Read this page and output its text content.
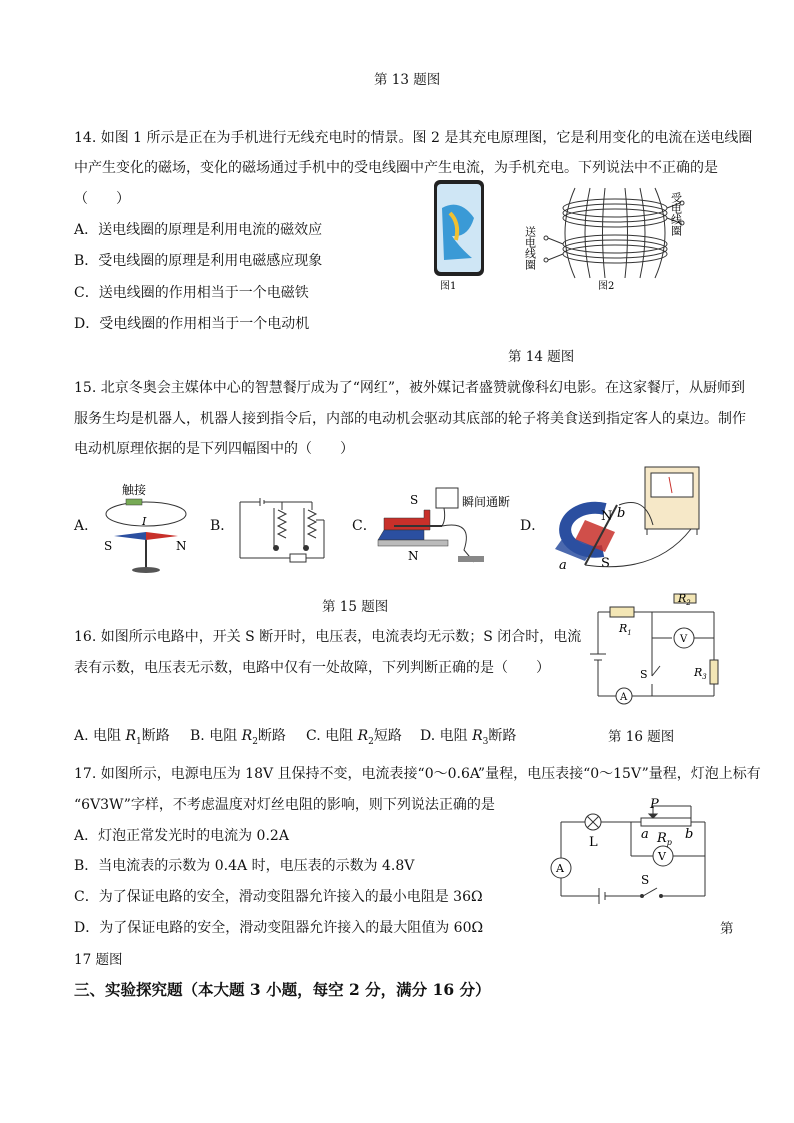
第 13 题图
14. 如图 1 所示是正在为手机进行无线充电时的情景。图 2 是其充电原理图，它是利用变化的电流在送电线圈
中产生变化的磁场，变化的磁场通过手机中的受电线圈中产生电流，为手机充电。下列说法中不正确的是
（　　）
A．送电线圈的原理是利用电流的磁效应
B．受电线圈的原理是利用电磁感应现象
C．送电线圈的作用相当于一个电磁铁
D．受电线圈的作用相当于一个电动机
图1	图2
受电线圈
送电线圈
第 14 题图
15. 北京冬奥会主媒体中心的智慧餐厅成为了“网红”，被外媒记者盛赞就像科幻电影。在这家餐厅，从厨师到
服务生均是机器人，机器人接到指令后，内部的电动机会驱动其底部的轮子将美食送到指定客人的桌边。制作
电动机原理依据的是下列四幅图中的（　　）
A．
触接
I
S	N
B．	C．
S	瞬间通断
N
D．
N
S
b
a
第 15 题图
16. 如图所示电路中，开关 S 断开时，电压表，电流表均无示数；S 闭合时，电流
表有示数，电压表无示数，电路中仅有一处故障，下列判断正确的是（　　）
A. 电阻 $R_1$断路 B. 电阻 $R_2$断路 C. 电阻 $R_2$短路 D. 电阻 $R_3$断路
$R_1$
$R_2$
$R_3$
V
A
S
第 16 题图
17. 如图所示，电源电压为 18V 且保持不变，电流表接“0～0.6A”量程，电压表接“0～15V”量程，灯泡上标有
“6V3W”字样，不考虑温度对灯丝电阻的影响，则下列说法正确的是
A．灯泡正常发光时的电流为 0.2A
B．当电流表的示数为 0.4A 时，电压表的示数为 4.8V
C．为了保证电路的安全，滑动变阻器允许接入的最小电阻是 36Ω
D．为了保证电路的安全，滑动变阻器允许接入的最大阻值为 60Ω	第
17 题图
P
L
a	b
$R_p$
V
A
S
三、实验探究题（本大题 3 小题，每空 2 分，满分 16 分）
